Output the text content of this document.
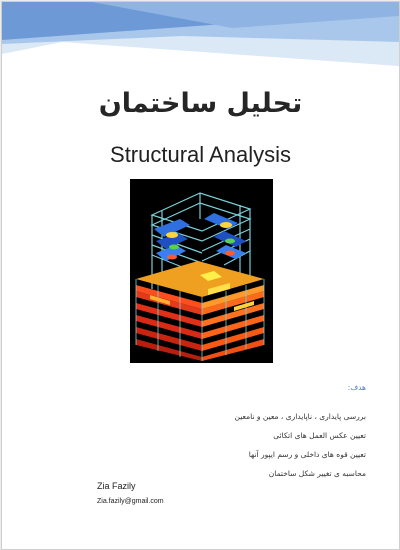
تحلیل ساختمان
Structural Analysis
هدف:
بررسی پایداری ، ناپایداری ، معین و نامعین
تعیین عکس العمل های اتکائی
تعیین قوه های داخلی و رسم ایپور آنها
محاسبه ی تغییر شکل ساختمان
Zia Fazily
Zia.fazily@gmail.com
